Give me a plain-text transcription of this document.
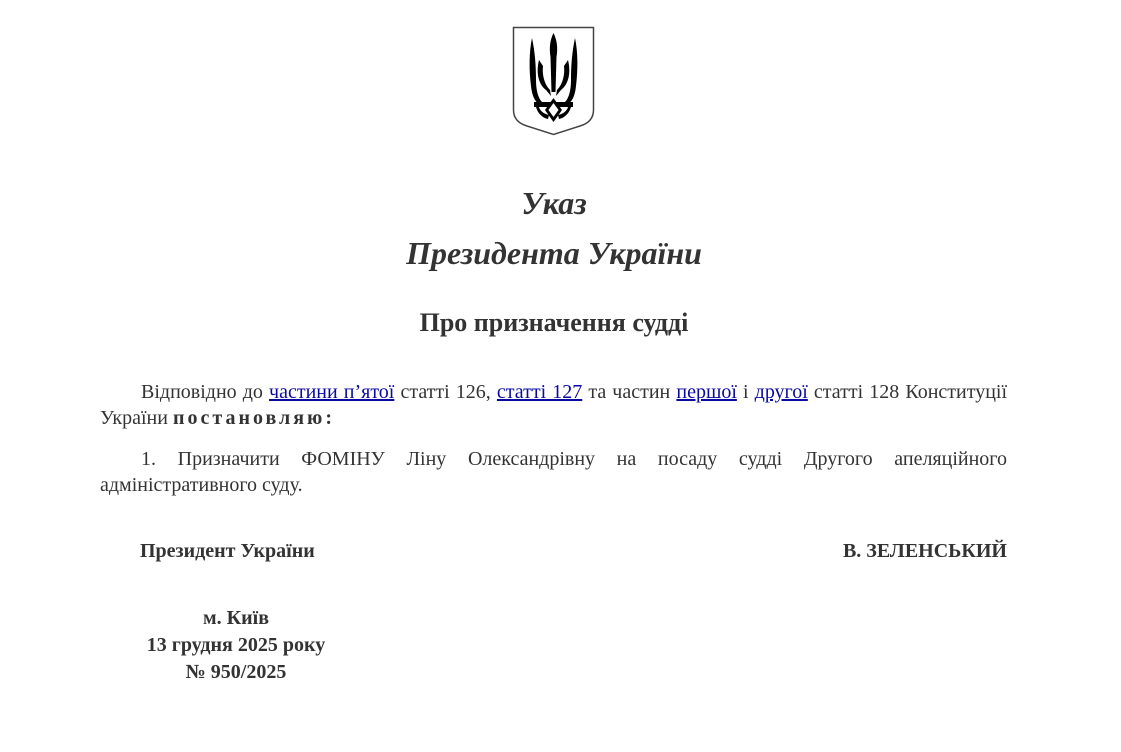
Указ
Президента України
Про призначення судді
Відповідно до частини п’ятої статті 126, статті 127 та частин першої і другої статті 128 Конституції України постановляю:
1. Призначити ФОМІНУ Ліну Олександрівну на посаду судді Другого апеляційного адміністративного суду.
Президент України	В. ЗЕЛЕНСЬКИЙ
м. Київ
13 грудня 2025 року
№ 950/2025
